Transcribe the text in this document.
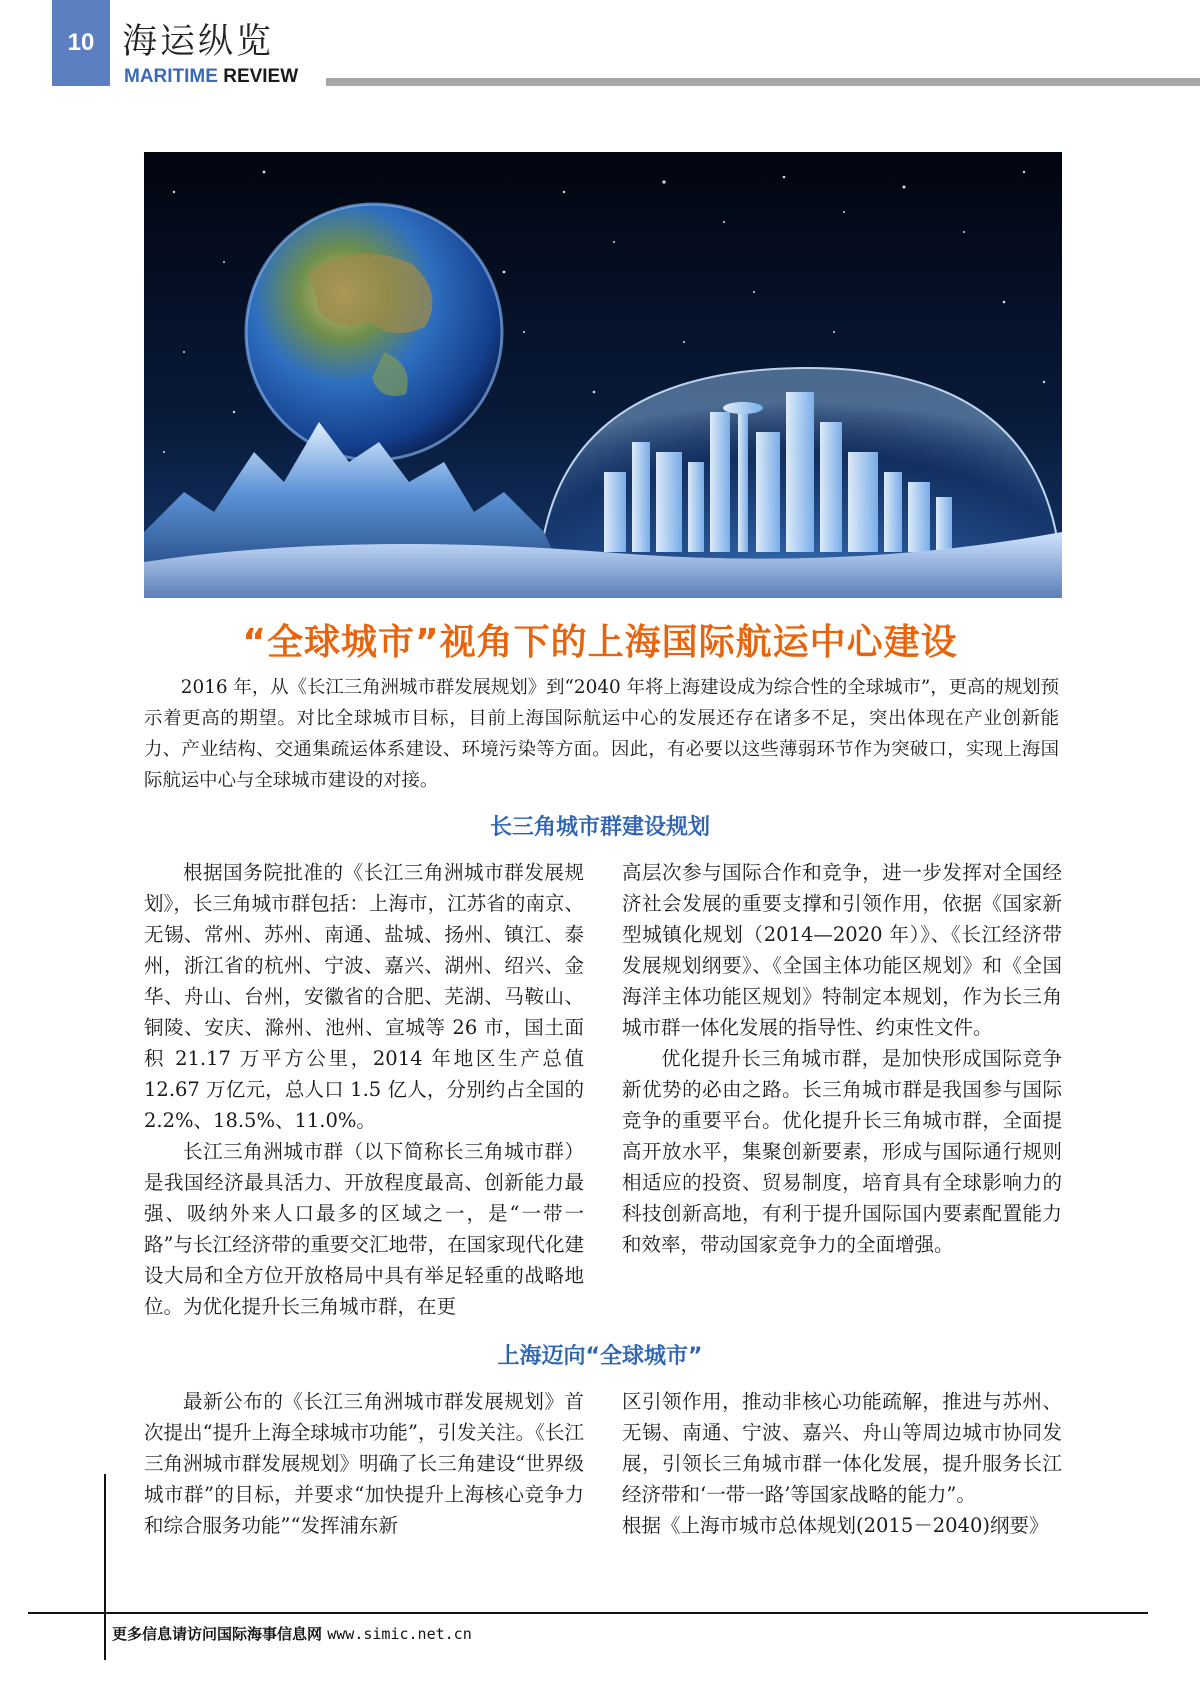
10 海运纵览
MARITIME REVIEW
“全球城市”视角下的上海国际航运中心建设

2016 年，从《长江三角洲城市群发展规划》到“2040 年将上海建设成为综合性的全球城市”，更高的规划预示着更高的期望。对比全球城市目标，目前上海国际航运中心的发展还存在诸多不足，突出体现在产业创新能力、产业结构、交通集疏运体系建设、环境污染等方面。因此，有必要以这些薄弱环节作为突破口，实现上海国际航运中心与全球城市建设的对接。

长三角城市群建设规划

根据国务院批准的《长江三角洲城市群发展规划》，长三角城市群包括：上海市，江苏省的南京、无锡、常州、苏州、南通、盐城、扬州、镇江、泰州，浙江省的杭州、宁波、嘉兴、湖州、绍兴、金华、舟山、台州，安徽省的合肥、芜湖、马鞍山、铜陵、安庆、滁州、池州、宣城等 26 市，国土面积 21.17 万平方公里，2014 年地区生产总值 12.67 万亿元，总人口 1.5 亿人，分别约占全国的 2.2%、18.5%、11.0%。

长江三角洲城市群（以下简称长三角城市群）是我国经济最具活力、开放程度最高、创新能力最强、吸纳外来人口最多的区域之一，是“一带一路”与长江经济带的重要交汇地带，在国家现代化建设大局和全方位开放格局中具有举足轻重的战略地位。为优化提升长三角城市群，在更

高层次参与国际合作和竞争，进一步发挥对全国经济社会发展的重要支撑和引领作用，依据《国家新型城镇化规划（2014—2020 年）》、《长江经济带发展规划纲要》、《全国主体功能区规划》和《全国海洋主体功能区规划》特制定本规划，作为长三角城市群一体化发展的指导性、约束性文件。

优化提升长三角城市群，是加快形成国际竞争新优势的必由之路。长三角城市群是我国参与国际竞争的重要平台。优化提升长三角城市群，全面提高开放水平，集聚创新要素，形成与国际通行规则相适应的投资、贸易制度，培育具有全球影响力的科技创新高地，有利于提升国际国内要素配置能力和效率，带动国家竞争力的全面增强。

上海迈向“全球城市”

最新公布的《长江三角洲城市群发展规划》首次提出“提升上海全球城市功能”，引发关注。《长江三角洲城市群发展规划》明确了长三角建设“世界级城市群”的目标，并要求“加快提升上海核心竞争力和综合服务功能”“发挥浦东新

区引领作用，推动非核心功能疏解，推进与苏州、无锡、南通、宁波、嘉兴、舟山等周边城市协同发展，引领长三角城市群一体化发展，提升服务长江经济带和‘一带一路’等国家战略的能力”。

根据《上海市城市总体规划(2015－2040)纲要》

更多信息请访问国际海事信息网 www.simic.net.cn
